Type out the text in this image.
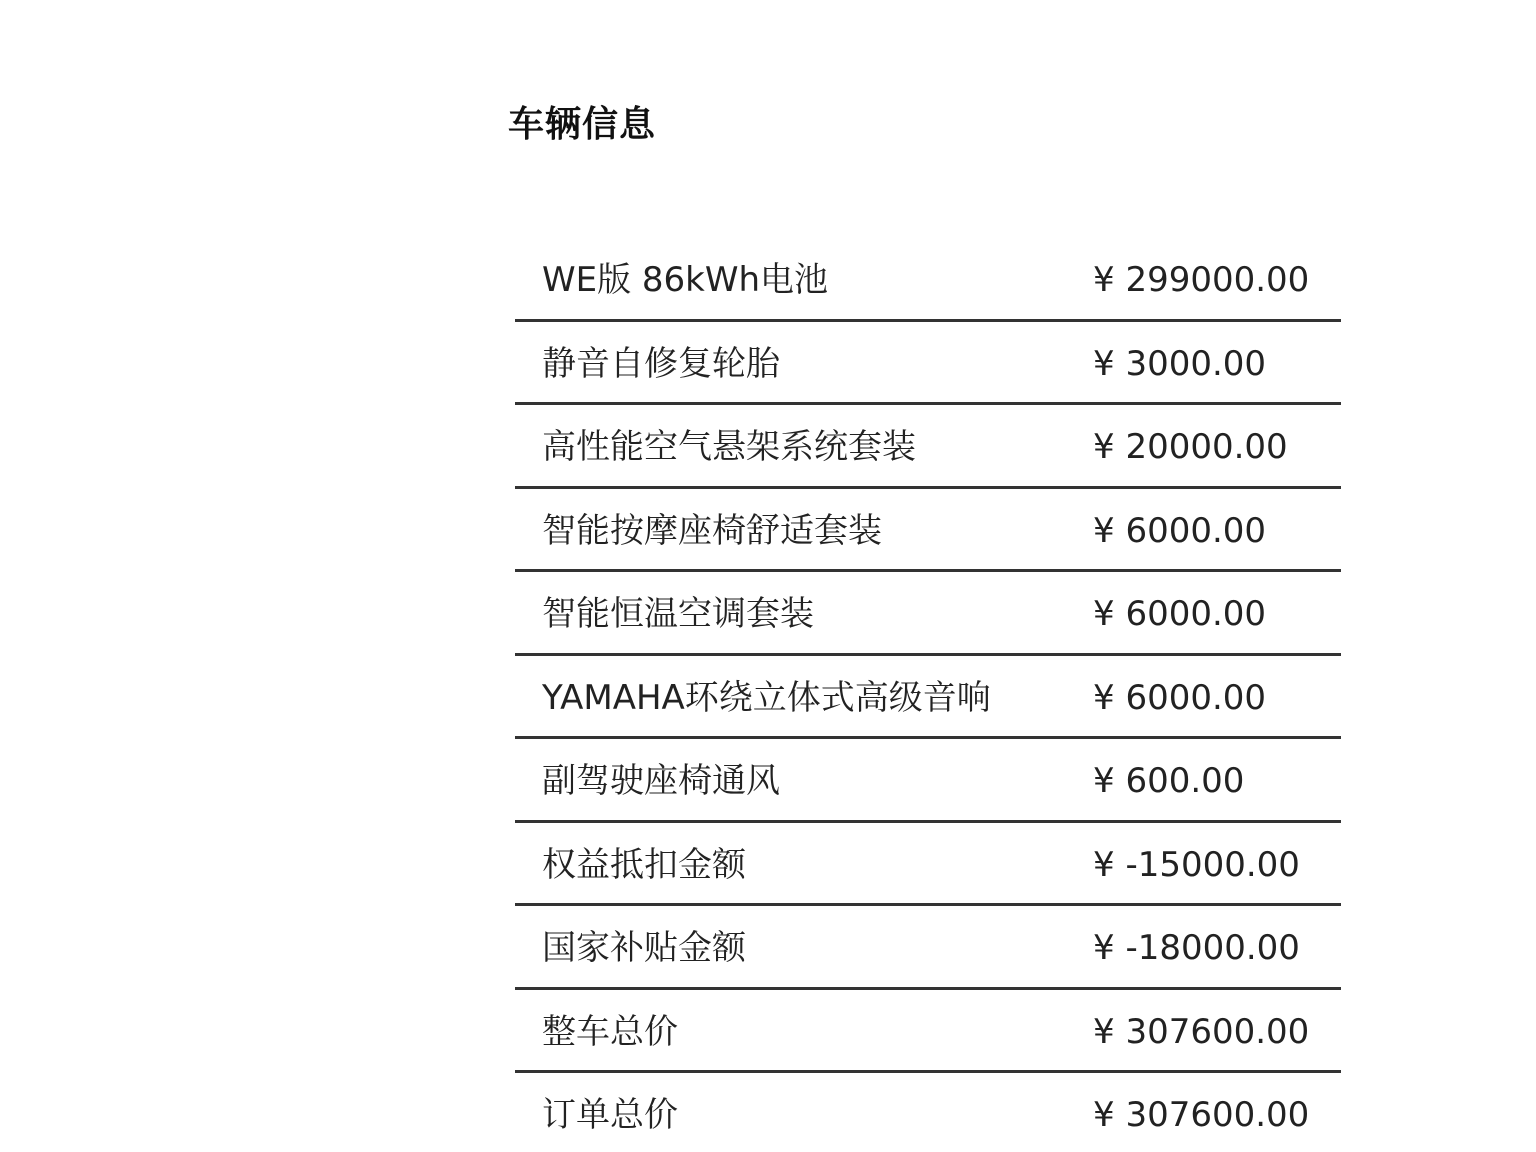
车辆信息
WE版 86kWh电池	¥ 299000.00
静音自修复轮胎	¥ 3000.00
高性能空气悬架系统套装	¥ 20000.00
智能按摩座椅舒适套装	¥ 6000.00
智能恒温空调套装	¥ 6000.00
YAMAHA环绕立体式高级音响	¥ 6000.00
副驾驶座椅通风	¥ 600.00
权益抵扣金额	¥ -15000.00
国家补贴金额	¥ -18000.00
整车总价	¥ 307600.00
订单总价	¥ 307600.00
